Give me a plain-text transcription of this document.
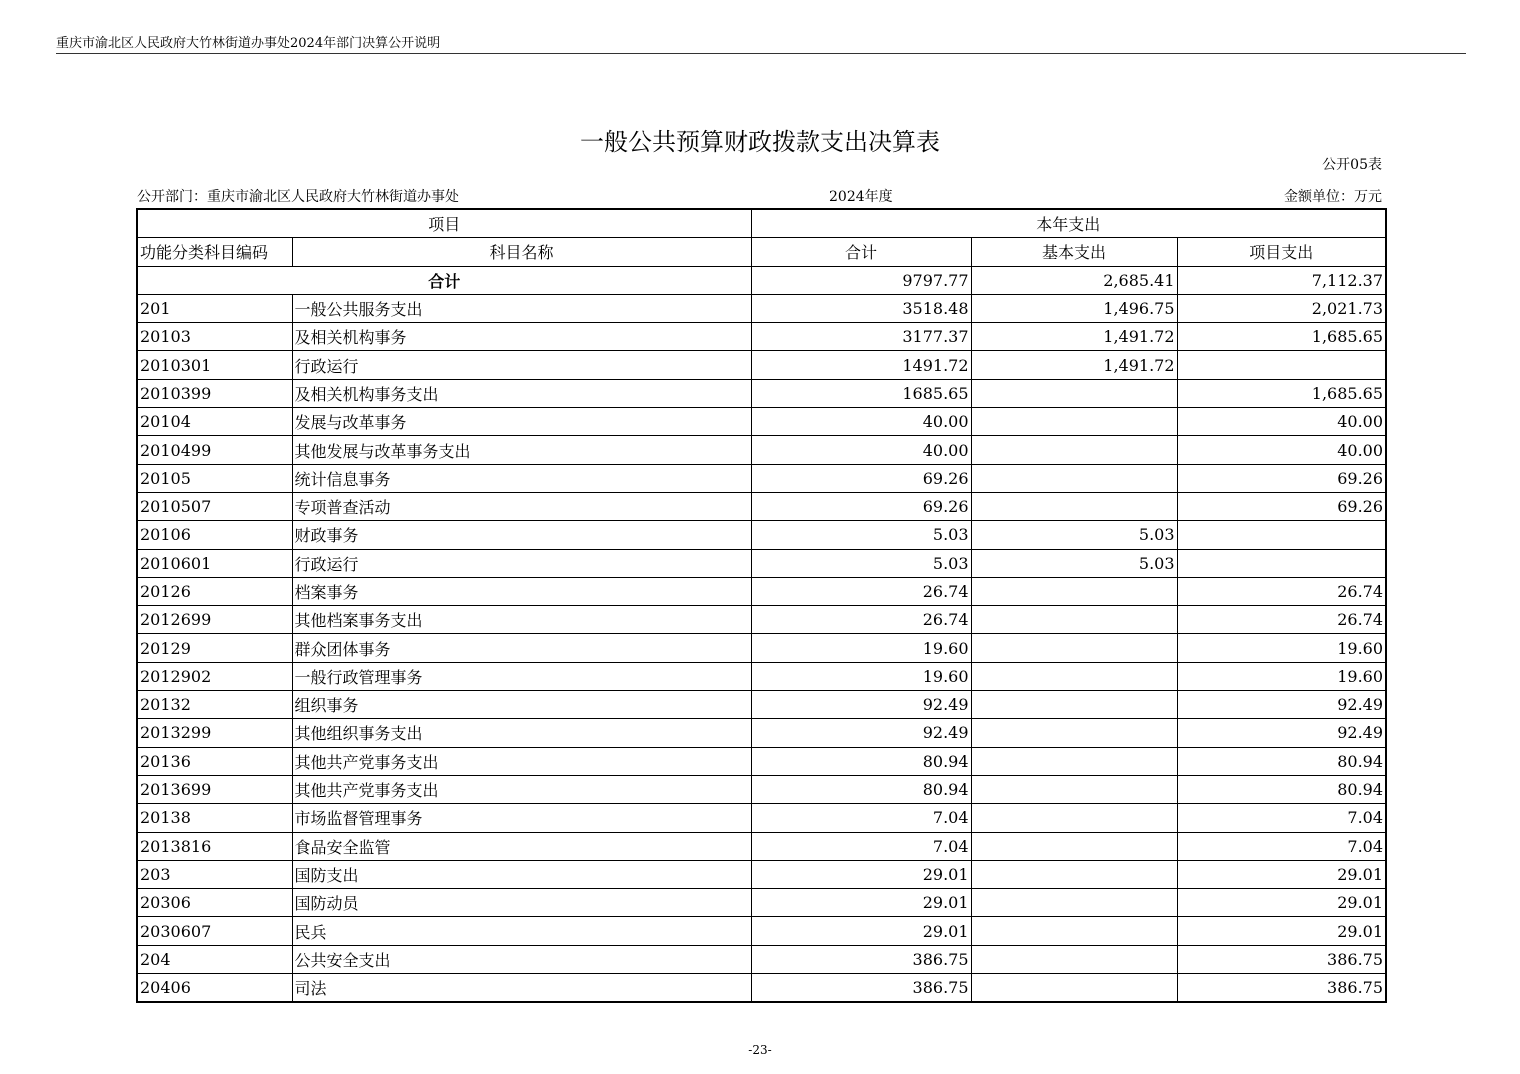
重庆市渝北区人民政府大竹林街道办事处2024年部门决算公开说明
一般公共预算财政拨款支出决算表
公开05表
公开部门：重庆市渝北区人民政府大竹林街道办事处	2024年度	金额单位：万元
项目		本年支出		
功能分类科目编码	科目名称	合计	基本支出	项目支出
合计		9797.77	2,685.41	7,112.37
201	一般公共服务支出	3518.48	1,496.75	2,021.73
20103	及相关机构事务	3177.37	1,491.72	1,685.65
2010301	行政运行	1491.72	1,491.72	
2010399	及相关机构事务支出	1685.65		1,685.65
20104	发展与改革事务	40.00		40.00
2010499	其他发展与改革事务支出	40.00		40.00
20105	统计信息事务	69.26		69.26
2010507	专项普查活动	69.26		69.26
20106	财政事务	5.03	5.03	
2010601	行政运行	5.03	5.03	
20126	档案事务	26.74		26.74
2012699	其他档案事务支出	26.74		26.74
20129	群众团体事务	19.60		19.60
2012902	一般行政管理事务	19.60		19.60
20132	组织事务	92.49		92.49
2013299	其他组织事务支出	92.49		92.49
20136	其他共产党事务支出	80.94		80.94
2013699	其他共产党事务支出	80.94		80.94
20138	市场监督管理事务	7.04		7.04
2013816	食品安全监管	7.04		7.04
203	国防支出	29.01		29.01
20306	国防动员	29.01		29.01
2030607	民兵	29.01		29.01
204	公共安全支出	386.75		386.75
20406	司法	386.75		386.75
-23-
